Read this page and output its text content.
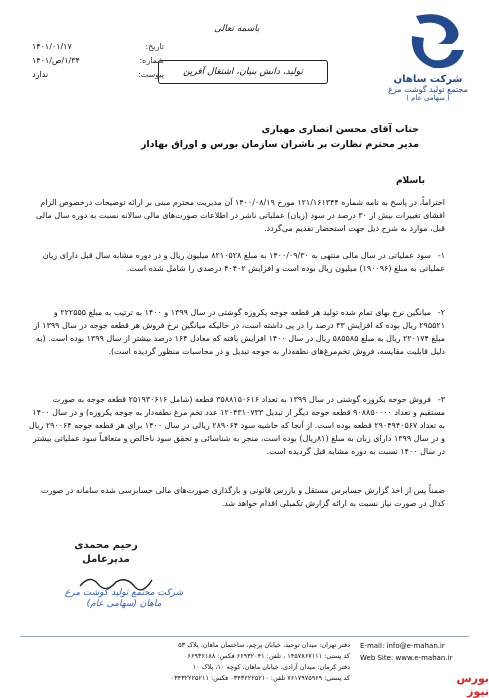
شرکت ساهان
مجتمع تولید گوشت مرغ
( سهامی عام )
باسمه تعالی
تولید، دانش بنیان، اشتغال آفرین
تاریخ:
۱۴۰۱/۰۱/۱۷
شماره:
۱/۳۴/ص/۱۴۰۱
پیوست:
ندارد
جناب آقای محسن انصاری مهیاری
مدیر محترم نظارت بر ناشران سازمان بورس و اوراق بهادار
باسلام
احتراماً، در پاسخ به نامه شماره ۱۲۱/۱۶۱۳۴۴ مورخ ۱۴۰۰/۰۸/۱۹ آن مدیریت محترم مبنی بر ارائه توضیحات درخصوص الزام افشای تغییرات بیش از ۳۰ درصد در سود (زیان) عملیاتی ناشر در اطلاعات صورت‌های مالی سالانه نسبت به دوره سال مالی قبل، موارد به شرح ذیل جهت استحضار تقدیم می‌گردد.
۱-سود عملیاتی در سال مالی منتهی به ۱۴۰۰/۰۹/۳۰ به مبلغ ۸۲۱۰۵۲۸ میلیون ریال و در دوره مشابه سال قبل دارای زیان عملیاتی به مبلغ (۱۹۰۰۹۶) میلیون ریال بوده است و افزایش ۴۰۴۰۲ درصدی را شامل شده است.
۲-میانگین نرخ بهای تمام شده تولید هر قطعه جوجه یکروزه گوشتی در سال ۱۳۹۹ و ۱۴۰۰ به ترتیب به مبلغ ۲۲۲۵۵۵ و ۲۹۵۵۲۱ ریال بوده که افزایش ۳۳ درصد را در پی داشته است، در حالیکه میانگین نرخ فروش هر قطعه جوجه در سال ۱۳۹۹ از مبلغ ۲۲۰۱۷۴ ریال به مبلغ ۵۸۵۵۸۵ ریال در سال ۱۴۰۰ افزایش یافته که معادل ۱۶۴ درصد بیشتر از سال ۱۳۹۹ بوده است. (به دلیل قابلیت مقایسه، فروش تخم‌مرغ‌های نطفه‌دار به جوجه تبدیل و در محاسبات منظور گردیده است).
۳-فروش جوجه یکروزه گوشتی در سال ۱۳۹۹ به تعداد ۳۵۸۸۱۵۰۶۱۶ قطعه (شامل ۲۵۱۹۳۰۶۱۶ قطعه جوجه به صورت مستقیم و تعداد ۹۰۸۸۵۰۰۰۰ قطعه جوجه دیگر از تبدیل ۱۲۰۴۳۱۰۷۳۳ عدد تخم مرغ نطفه‌دار به جوجه یکروزه) و در سال ۱۴۰۰ به تعداد ۲۹۰۴۹۴۰۵۶۷ قطعه بوده است. از آنجا که حاشیه سود ۲۸۹۰۶۴ ریالی در سال ۱۴۰۰ برای هر قطعه جوجه ۲۹۰۰۶۴ ریال و در سال ۱۳۹۹ دارای زیان به مبلغ (۸۱ریال) بوده است، منجر به شناسائی و تحقق سود ناخالص و متعاقباً سود عملیاتی بیشتر در سال ۱۴۰۰ نسبت به دوره مشابه قبل گردیده است.
ضمناً پس از اخذ گزارش حسابرس مستقل و بازرس قانونی و بارگذاری صورت‌های مالی حسابرسی شده سامانه در صورت کدال در صورت نیاز نسبت به ارائه گزارش تکمیلی اقدام خواهد شد.
رحیم محمدی
مدیرعامل
شرکت مجتمع تولید گوشت مرغ ماهان (سهامی عام)
دفتر تهران: میدان توحید، خیابان پرچم، ساختمان ماهان، پلاک ۵۳
کد پستی: ۱۴۵۷۸۶۷۱۱۱ ، تلفن: ۶۶۹۳۲۰۴۱ فکس: ۶۶۹۳۶۱۸۸
دفتر کرمان: میدان آزادی، خیابان ماهان، کوچه ۱۰، پلاک ۱۰
کد پستی: ۷۶۱۷۹۷۵۹۶۹ تلفن: ۰۳۴۳۲۲۲۵۲۱۰ فکس: ۰۳۴۳۲۲۲۵۲۱۱
E-mail: info@e-mahan.ir
Web Site: www.e-mahan.ir
بورس نیوز
